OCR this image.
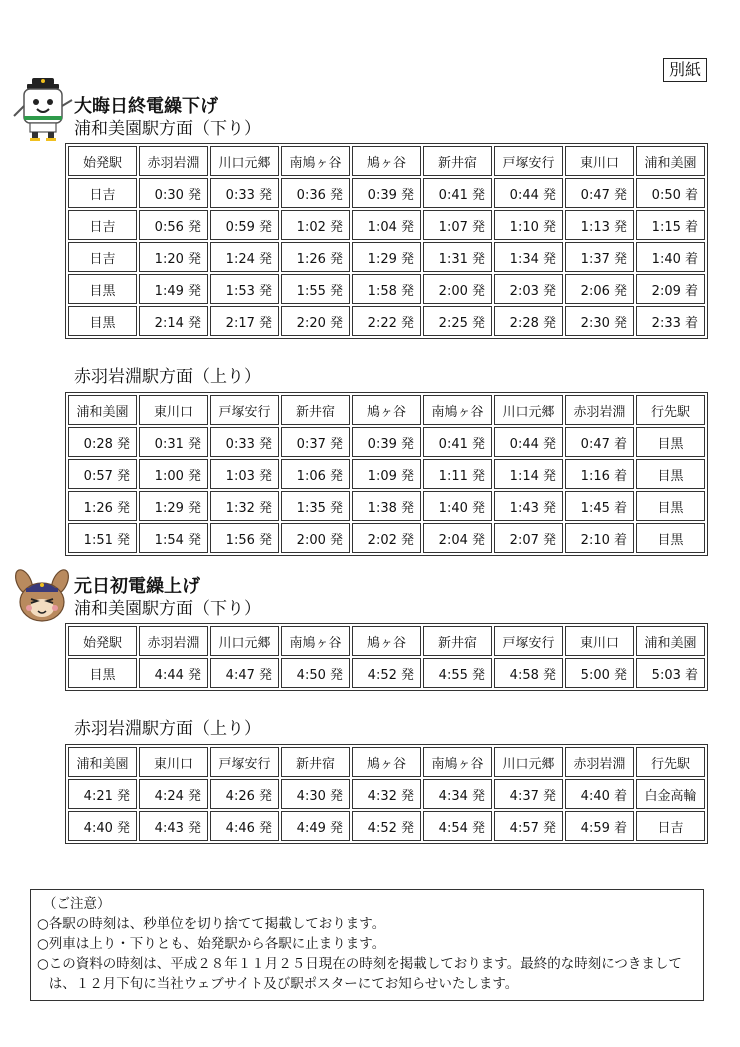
別紙
大晦日終電繰下げ
浦和美園駅方面（下り）
始発駅	赤羽岩淵	川口元郷	南鳩ヶ谷	鳩ヶ谷	新井宿	戸塚安行	東川口	浦和美園
日吉	0:30 発	0:33 発	0:36 発	0:39 発	0:41 発	0:44 発	0:47 発	0:50 着
日吉	0:56 発	0:59 発	1:02 発	1:04 発	1:07 発	1:10 発	1:13 発	1:15 着
日吉	1:20 発	1:24 発	1:26 発	1:29 発	1:31 発	1:34 発	1:37 発	1:40 着
目黒	1:49 発	1:53 発	1:55 発	1:58 発	2:00 発	2:03 発	2:06 発	2:09 着
目黒	2:14 発	2:17 発	2:20 発	2:22 発	2:25 発	2:28 発	2:30 発	2:33 着
赤羽岩淵駅方面（上り）
浦和美園	東川口	戸塚安行	新井宿	鳩ヶ谷	南鳩ヶ谷	川口元郷	赤羽岩淵	行先駅
0:28 発	0:31 発	0:33 発	0:37 発	0:39 発	0:41 発	0:44 発	0:47 着	目黒
0:57 発	1:00 発	1:03 発	1:06 発	1:09 発	1:11 発	1:14 発	1:16 着	目黒
1:26 発	1:29 発	1:32 発	1:35 発	1:38 発	1:40 発	1:43 発	1:45 着	目黒
1:51 発	1:54 発	1:56 発	2:00 発	2:02 発	2:04 発	2:07 発	2:10 着	目黒
元日初電繰上げ
浦和美園駅方面（下り）
始発駅	赤羽岩淵	川口元郷	南鳩ヶ谷	鳩ヶ谷	新井宿	戸塚安行	東川口	浦和美園
目黒	4:44 発	4:47 発	4:50 発	4:52 発	4:55 発	4:58 発	5:00 発	5:03 着
赤羽岩淵駅方面（上り）
浦和美園	東川口	戸塚安行	新井宿	鳩ヶ谷	南鳩ヶ谷	川口元郷	赤羽岩淵	行先駅
4:21 発	4:24 発	4:26 発	4:30 発	4:32 発	4:34 発	4:37 発	4:40 着	白金高輪
4:40 発	4:43 発	4:46 発	4:49 発	4:52 発	4:54 発	4:57 発	4:59 着	日吉
（ご注意）
○ 各駅の時刻は、秒単位を切り捨てて掲載しております。
○ 列車は上り・下りとも、始発駅から各駅に止まります。
○ この資料の時刻は、平成２８年１１月２５日現在の時刻を掲載しております。最終的な時刻につきましては、１２月下旬に当社ウェブサイト及び駅ポスターにてお知らせいたします。
